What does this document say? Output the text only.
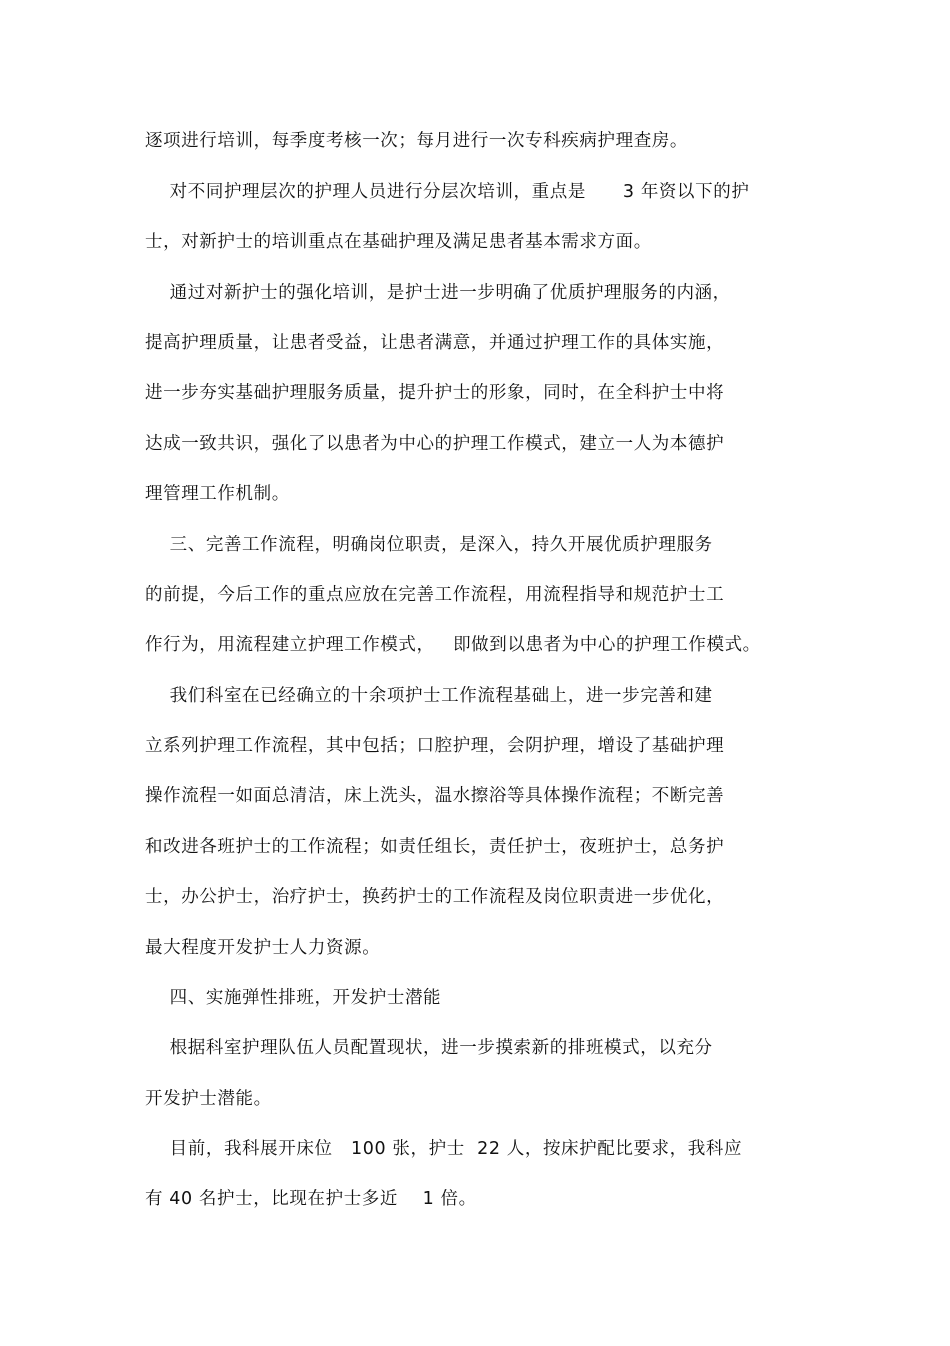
逐项进行培训，每季度考核一次；每月进行一次专科疾病护理查房。
对不同护理层次的护理人员进行分层次培训，重点是      3 年资以下的护
士，对新护士的培训重点在基础护理及满足患者基本需求方面。
通过对新护士的强化培训，是护士进一步明确了优质护理服务的内涵，
提高护理质量，让患者受益，让患者满意，并通过护理工作的具体实施，
进一步夯实基础护理服务质量，提升护士的形象，同时，在全科护士中将
达成一致共识，强化了以患者为中心的护理工作模式，建立一人为本德护
理管理工作机制。
三、完善工作流程，明确岗位职责，是深入，持久开展优质护理服务
的前提，今后工作的重点应放在完善工作流程，用流程指导和规范护士工
作行为，用流程建立护理工作模式，   即做到以患者为中心的护理工作模式。
我们科室在已经确立的十余项护士工作流程基础上，进一步完善和建
立系列护理工作流程，其中包括；口腔护理，会阴护理，增设了基础护理
操作流程一如面总清洁，床上洗头，温水擦浴等具体操作流程；不断完善
和改进各班护士的工作流程；如责任组长，责任护士，夜班护士，总务护
士，办公护士，治疗护士，换药护士的工作流程及岗位职责进一步优化，
最大程度开发护士人力资源。
四、实施弹性排班，开发护士潜能
根据科室护理队伍人员配置现状，进一步摸索新的排班模式，以充分
开发护士潜能。
目前，我科展开床位   100 张，护士  22 人，按床护配比要求，我科应
有 40 名护士，比现在护士多近    1 倍。
